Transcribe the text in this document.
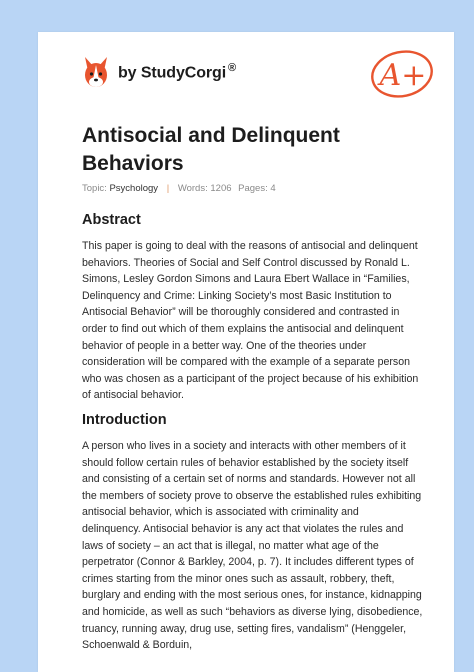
by StudyCorgi ®	A+
Antisocial and Delinquent
Behaviors
Topic: Psychology | Words: 1206 Pages: 4
Abstract
This paper is going to deal with the reasons of antisocial and delinquent
behaviors. Theories of Social and Self Control discussed by Ronald L.
Simons, Lesley Gordon Simons and Laura Ebert Wallace in “Families,
Delinquency and Crime: Linking Society’s most Basic Institution to
Antisocial Behavior” will be thoroughly considered and contrasted in
order to find out which of them explains the antisocial and delinquent
behavior of people in a better way. One of the theories under
consideration will be compared with the example of a separate person
who was chosen as a participant of the project because of his exhibition
of antisocial behavior.
Introduction
A person who lives in a society and interacts with other members of it
should follow certain rules of behavior established by the society itself
and consisting of a certain set of norms and standards. However not all
the members of society prove to observe the established rules exhibiting
antisocial behavior, which is associated with criminality and
delinquency. Antisocial behavior is any act that violates the rules and
laws of society – an act that is illegal, no matter what age of the
perpetrator (Connor & Barkley, 2004, p. 7). It includes different types of
crimes starting from the minor ones such as assault, robbery, theft,
burglary and ending with the most serious ones, for instance, kidnapping
and homicide, as well as such “behaviors as diverse lying, disobedience,
truancy, running away, drug use, setting fires, vandalism” (Henggeler,
Schoenwald & Borduin,
